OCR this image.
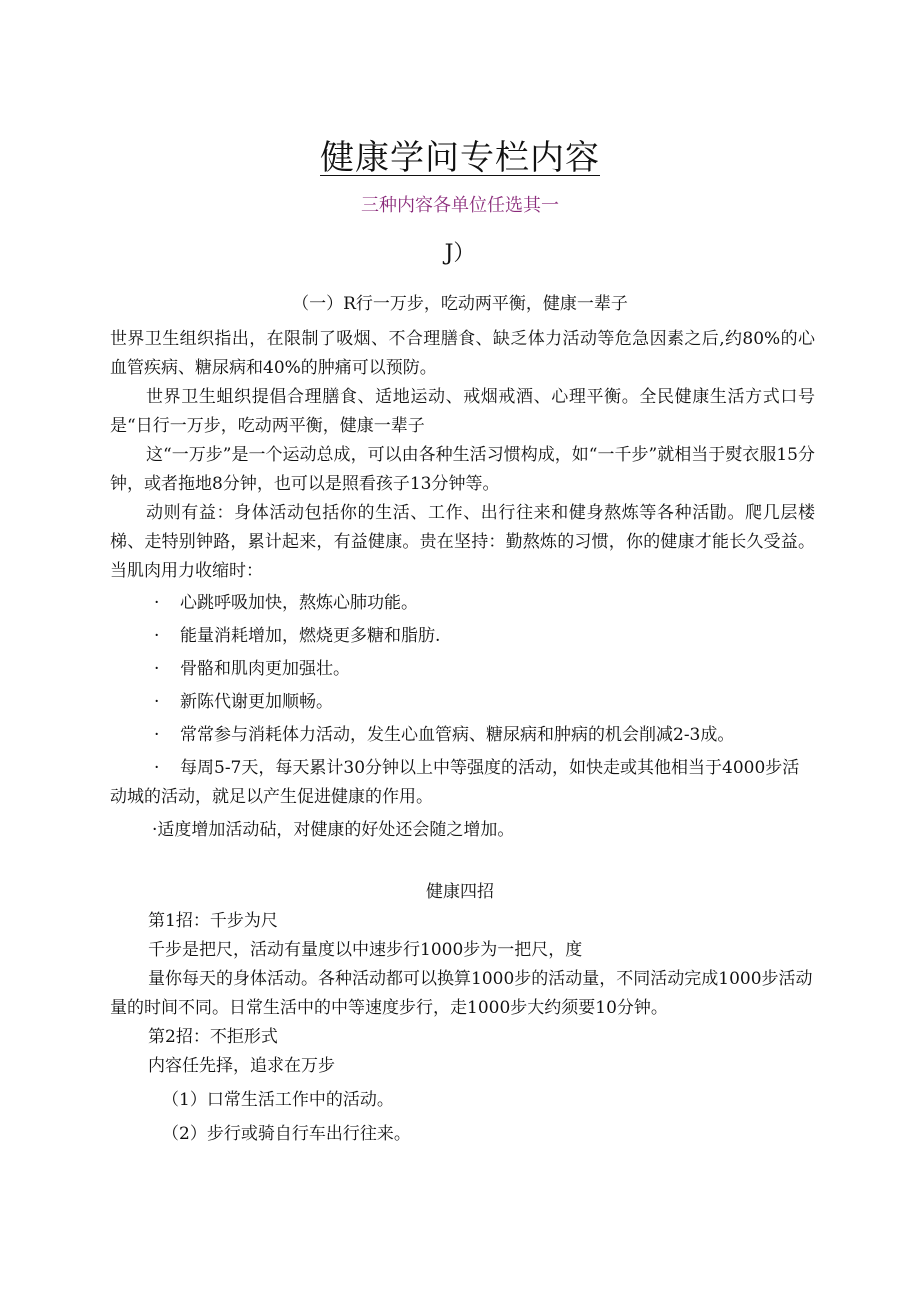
健康学问专栏内容
三种内容各单位任选其一
J）
（一）R行一万步，吃动两平衡，健康一辈子

世界卫生组织指出，在限制了吸烟、不合理膳食、缺乏体力活动等危急因素之后,约80%的心血管疾病、糖尿病和40%的肿痛可以预防。

世界卫生蛆织提倡合理膳食、适地运动、戒烟戒酒、心理平衡。全民健康生活方式口号是“日行一万步，吃动两平衡，健康一辈子

这“一万步”是一个运动总成，可以由各种生活习惯构成，如“一千步”就相当于熨衣服15分钟，或者拖地8分钟，也可以是照看孩子13分钟等。

动则有益：身体活动包括你的生活、工作、出行往来和健身熬炼等各种活勖。爬几层楼梯、走特别钟路，累计起来，有益健康。贵在坚持：勤熬炼的习惯，你的健康才能长久受益。当肌肉用力收缩时：

· 心跳呼吸加快，熬炼心肺功能。
· 能量消耗增加，燃烧更多糖和脂肪.
· 骨骼和肌肉更加强壮。
· 新陈代谢更加顺畅。
· 常常参与消耗体力活动，发生心血管病、糖尿病和肿病的机会削减2-3成。
· 每周5-7天，每天累计30分钟以上中等强度的活动，如快走或其他相当于4000步活动城的活动，就足以产生促进健康的作用。

·适度增加活动砧，对健康的好处还会随之增加。

健康四招

第1招：千步为尺

千步是把尺，活动有量度以中速步行1000步为一把尺，度

量你每天的身体活动。各种活动都可以换算1000步的活动量，不同活动完成1000步活动量的时间不同。日常生活中的中等速度步行，走1000步大约须要10分钟。

第2招：不拒形式

内容任先择，追求在万步

（1）口常生活工作中的活动。

（2）步行或骑自行车出行往来。
